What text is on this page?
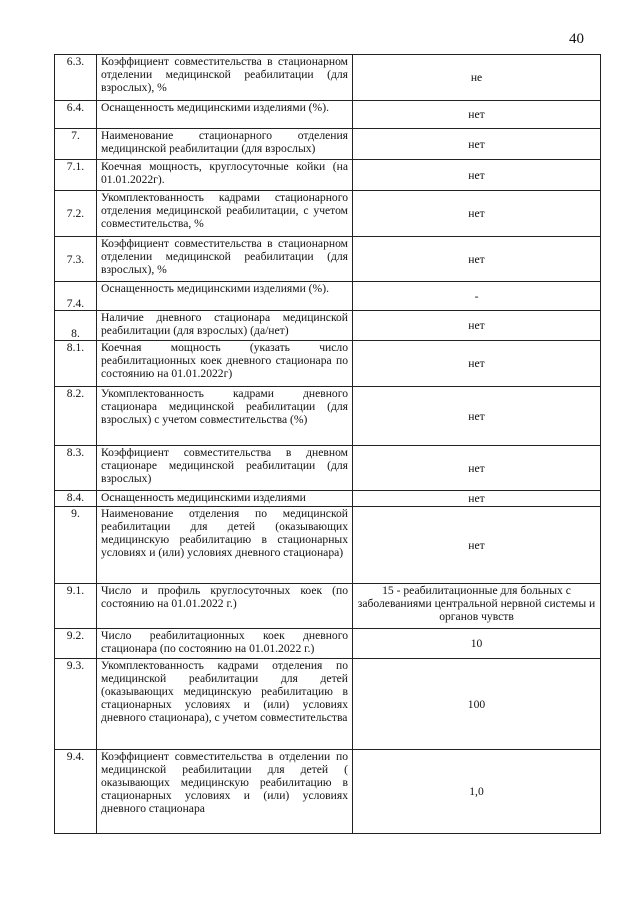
40
6.3.	Коэффициент совместительства в стационарном отделении медицинской реабилитации (для взрослых), %	не
6.4.	Оснащенность медицинскими изделиями (%).	нет
7.	Наименование стационарного отделения медицинской реабилитации (для взрослых)	нет
7.1.	Коечная мощность, круглосуточные койки (на 01.01.2022г).	нет
7.2.	Укомплектованность кадрами стационарного отделения медицинской реабилитации, с учетом совместительства, %	нет
7.3.	Коэффициент совместительства в стационарном отделении медицинской реабилитации (для взрослых), %	нет
7.4.	Оснащенность медицинскими изделиями (%).	-
8.	Наличие дневного стационара медицинской реабилитации (для взрослых) (да/нет)	нет
8.1.	Коечная мощность (указать число реабилитационных коек дневного стационара по состоянию на 01.01.2022г)	нет
8.2.	Укомплектованность кадрами дневного стационара медицинской реабилитации (для взрослых) с учетом совместительства (%)	нет
8.3.	Коэффициент совместительства в дневном стационаре медицинской реабилитации (для взрослых)	нет
8.4.	Оснащенность медицинскими изделиями	нет
9.	Наименование отделения по медицинской реабилитации для детей (оказывающих медицинскую реабилитацию в стационарных условиях и (или) условиях дневного стационара)	нет
9.1.	Число и профиль круглосуточных коек (по состоянию на 01.01.2022 г.)	15 - реабилитационные для больных с заболеваниями центральной нервной системы и органов чувств
9.2.	Число реабилитационных коек дневного стационара (по состоянию на 01.01.2022 г.)	10
9.3.	Укомплектованность кадрами отделения по медицинской реабилитации для детей (оказывающих медицинскую реабилитацию в стационарных условиях и (или) условиях дневного стационара), с учетом совместительства	100
9.4.	Коэффициент совместительства в отделении по медицинской реабилитации для детей ( оказывающих медицинскую реабилитацию в стационарных условиях и (или) условиях дневного стационара	1,0
